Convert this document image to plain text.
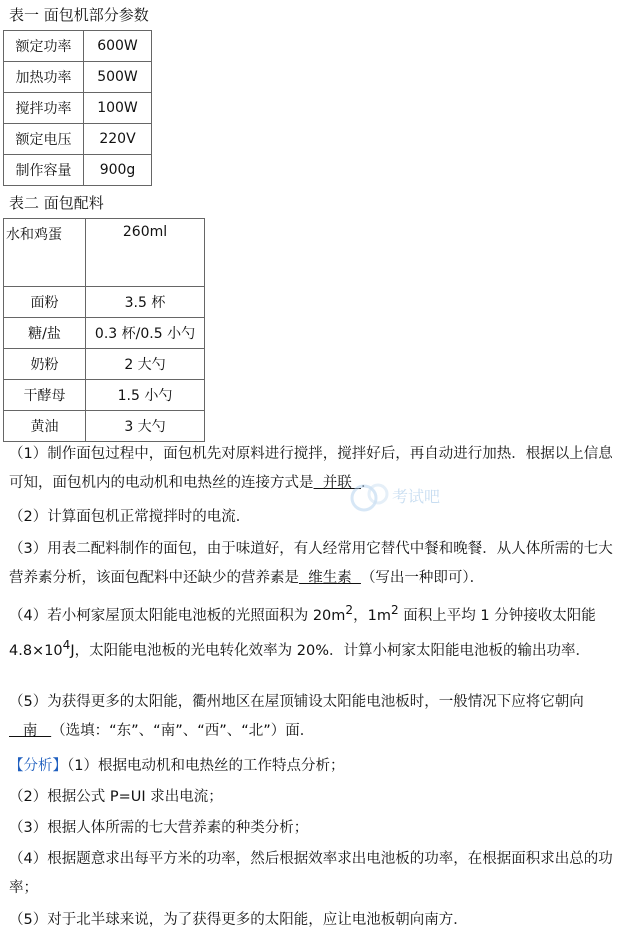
表一 面包机部分参数
额定功率	600W
加热功率	500W
搅拌功率	100W
额定电压	220V
制作容量	900g
表二 面包配料
水和鸡蛋	260ml
面粉	3.5 杯
糖/盐	0.3 杯/0.5 小勺
奶粉	2 大勺
干酵母	1.5 小勺
黄油	3 大勺
（1）制作面包过程中，面包机先对原料进行搅拌，搅拌好后，再自动进行加热．根据以上信息可知，面包机内的电动机和电热丝的连接方式是  并联  ．
（2）计算面包机正常搅拌时的电流．
（3）用表二配料制作的面包，由于味道好，有人经常用它替代中餐和晚餐．从人体所需的七大营养素分析，该面包配料中还缺少的营养素是  维生素  （写出一种即可）．
（4）若小柯家屋顶太阳能电池板的光照面积为 $20m^2$，$1m^2$ 面积上平均 1 分钟接收太阳能 $4.8\times 10^4J$，太阳能电池板的光电转化效率为 20%．计算小柯家太阳能电池板的输出功率．
（5）为获得更多的太阳能，衢州地区在屋顶铺设太阳能电池板时，一般情况下应将它朝向   南   （选填：“东”、“南”、“西”、“北”）面．
【分析】（1）根据电动机和电热丝的工作特点分析；
（2）根据公式 P=UI 求出电流；
（3）根据人体所需的七大营养素的种类分析；
（4）根据题意求出每平方米的功率，然后根据效率求出电池板的功率，在根据面积求出总的功率；
（5）对于北半球来说，为了获得更多的太阳能，应让电池板朝向南方．
考试吧
